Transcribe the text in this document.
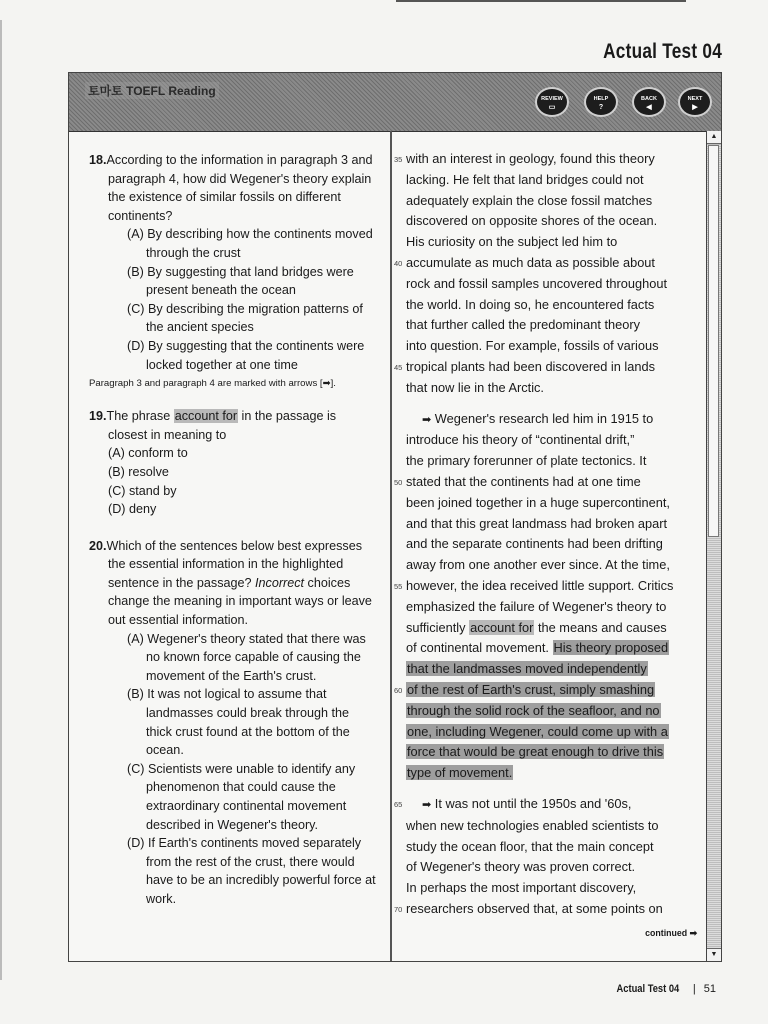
Actual Test 04
토마토 TOEFL Reading
REVIEW
▭
HELP
?
BACK
◀
NEXT
▶
▲
▼
18.According to the information in paragraph 3 and paragraph 4, how did Wegener's theory explain the existence of similar fossils on different continents?
(A) By describing how the continents moved through the crust
(B) By suggesting that land bridges were present beneath the ocean
(C) By describing the migration patterns of the ancient species
(D) By suggesting that the continents were locked together at one time
Paragraph 3 and paragraph 4 are marked with arrows [➡].
19.The phrase account for in the passage is
closest in meaning to
(A) conform to
(B) resolve
(C) stand by
(D) deny
20.Which of the sentences below best expresses the essential information in the highlighted sentence in the passage? Incorrect choices change the meaning in important ways or leave out essential information.
(A) Wegener's theory stated that there was no known force capable of causing the movement of the Earth's crust.
(B) It was not logical to assume that landmasses could break through the thick crust found at the bottom of the ocean.
(C) Scientists were unable to identify any phenomenon that could cause the extraordinary continental movement described in Wegener's theory.
(D) If Earth's continents moved separately from the rest of the crust, there would have to be an incredibly powerful force at work.
35 with an interest in geology, found this theory
lacking. He felt that land bridges could not
adequately explain the close fossil matches
discovered on opposite shores of the ocean.
His curiosity on the subject led him to
40 accumulate as much data as possible about
rock and fossil samples uncovered throughout
the world. In doing so, he encountered facts
that further called the predominant theory
into question. For example, fossils of various
45 tropical plants had been discovered in lands
that now lie in the Arctic.
➡ Wegener's research led him in 1915 to
introduce his theory of “continental drift,”
the primary forerunner of plate tectonics. It
50 stated that the continents had at one time
been joined together in a huge supercontinent,
and that this great landmass had broken apart
and the separate continents had been drifting
away from one another ever since. At the time,
55 however, the idea received little support. Critics
emphasized the failure of Wegener's theory to
sufficiently account for the means and causes
of continental movement. His theory proposed
that the landmasses moved independently
60 of the rest of Earth's crust, simply smashing
through the solid rock of the seafloor, and no
one, including Wegener, could come up with a
force that would be great enough to drive this
type of movement.
65 ➡ It was not until the 1950s and '60s,
when new technologies enabled scientists to
study the ocean floor, that the main concept
of Wegener's theory was proven correct.
In perhaps the most important discovery,
70 researchers observed that, at some points on
continued ➡
Actual Test 04 | 51
